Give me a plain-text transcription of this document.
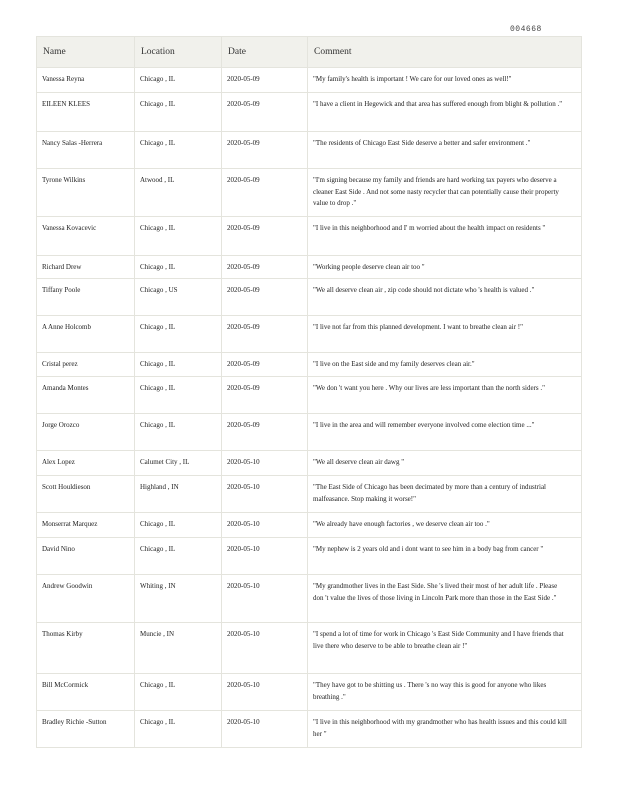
004668
Name	Location	Date	Comment
Vanessa Reyna	Chicago , IL	2020-05-09	"My family's health is important ! We care for our loved ones as well!"
EILEEN KLEES	Chicago , IL	2020-05-09	"I have a client in Hegewick and that area has suffered enough from blight & pollution ."
Nancy Salas -Herrera	Chicago , IL	2020-05-09	"The residents of Chicago East Side deserve a better and safer environment ."
Tyrone Wilkins	Atwood , IL	2020-05-09	"I'm signing because my family and friends are hard working tax payers who deserve a cleaner East Side . And not some nasty recycler that can potentially cause their property value to drop ."
Vanessa Kovacevic	Chicago , IL	2020-05-09	"I live in this neighborhood and I' m worried about the health impact on residents "
Richard Drew	Chicago , IL	2020-05-09	"Working people deserve clean air too "
Tiffany Poole	Chicago , US	2020-05-09	"We all deserve clean air , zip code should not dictate who 's health is valued ."
A Anne Holcomb	Chicago , IL	2020-05-09	"I live not far from this planned development. I want to breathe clean air !"
Cristal perez	Chicago , IL	2020-05-09	"I live on the East side and my family deserves clean air."
Amanda Montes	Chicago , IL	2020-05-09	"We don 't want you here . Why our lives are less important than the north siders ."
Jorge Orozco	Chicago , IL	2020-05-09	"I live in the area and will remember everyone involved come election time ..."
Alex Lopez	Calumet City , IL	2020-05-10	"We all deserve clean air dawg "
Scott Houldieson	Highland , IN	2020-05-10	"The East Side of Chicago has been decimated by more than a century of industrial malfeasance. Stop making it worse!"
Monserrat Marquez	Chicago , IL	2020-05-10	"We already have enough factories , we deserve clean air too ."
David Nino	Chicago , IL	2020-05-10	"My nephew is 2 years old and i dont want to see him in a body bag from cancer "
Andrew Goodwin	Whiting , IN	2020-05-10	"My grandmother lives in the East Side. She 's lived their most of her adult life . Please don 't value the lives of those living in Lincoln Park more than those in the East Side ."
Thomas Kirby	Muncie , IN	2020-05-10	"I spend a lot of time for work in Chicago 's East Side Community and I have friends that live there who deserve to be able to breathe clean air !"
Bill McCormick	Chicago , IL	2020-05-10	"They have got to be shitting us . There 's no way this is good for anyone who likes breathing ."
Bradley Richie -Sutton	Chicago , IL	2020-05-10	"I live in this neighborhood with my grandmother who has health issues and this could kill her "
